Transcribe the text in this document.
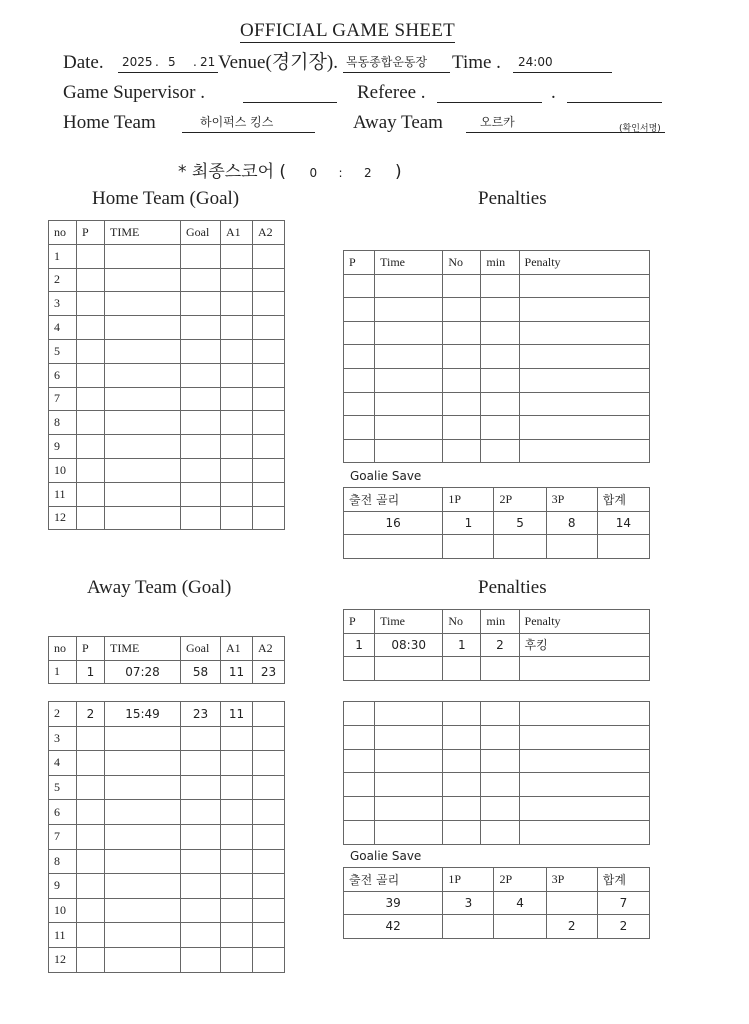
OFFICIAL GAME SHEET
Date. 2025 . 5 . 21 Venue(경기장). 목동종합운동장 Time . 24:00
Game Supervisor .	Referee .	.
Home Team	하이퍽스 킹스	Away Team	오르카	(확인서명)
* 최종스코어 ( 0 : 2 )
Home Team (Goal)	Penalties
Away Team (Goal)	Penalties
no	P	TIME	Goal	A1	A2
1					
2					
3					
4					
5					
6					
7					
8					
9					
10					
11					
12					
P	Time	No	min	Penalty

Goalie Save
출전 골리	1P	2P	3P	합계
16	1	5	8	14

no	P	TIME	Goal	A1	A2
1	1	07:28	58	11	23
2	2	15:49	23	11	
3					
4					
5					
6					
7					
8					
9					
10					
11					
12					
P	Time	No	min	Penalty
1	08:30	1	2	후킹

Goalie Save
출전 골리	1P	2P	3P	합계
39	3	4		7
42			2	2
